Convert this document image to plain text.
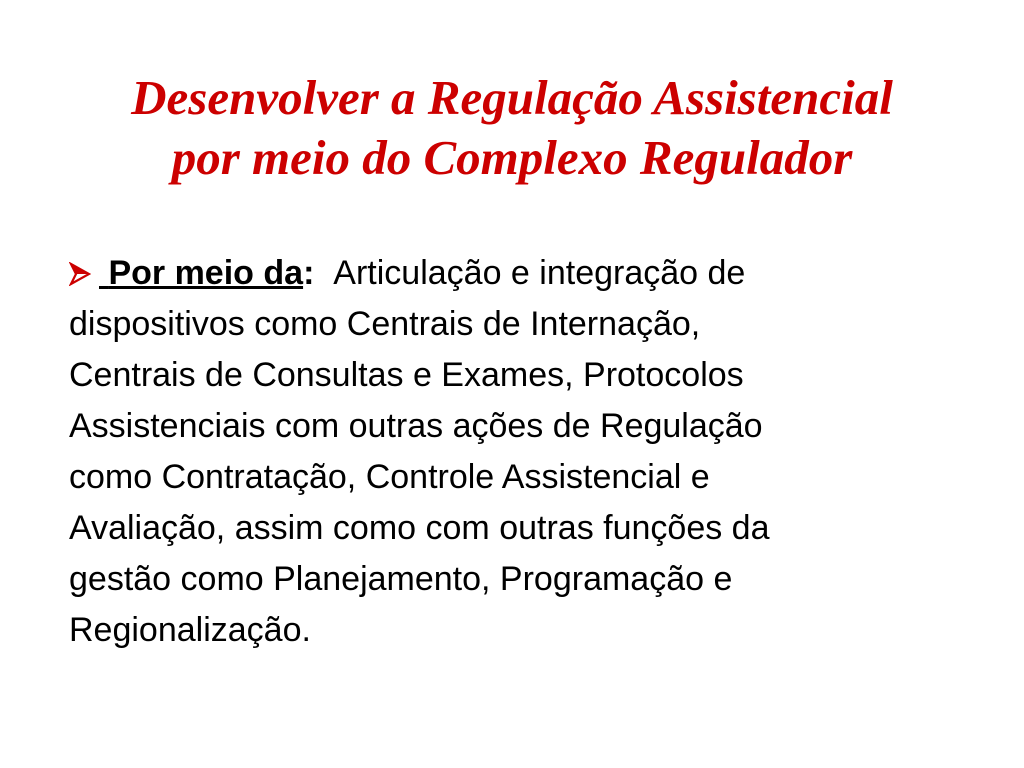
Desenvolver a Regulação Assistencial
por meio do Complexo Regulador
Por meio da: Articulação e integração de
dispositivos como Centrais de Internação,
Centrais de Consultas e Exames, Protocolos
Assistenciais com outras ações de Regulação
como Contratação, Controle Assistencial e
Avaliação, assim como com outras funções da
gestão como Planejamento, Programação e
Regionalização.
